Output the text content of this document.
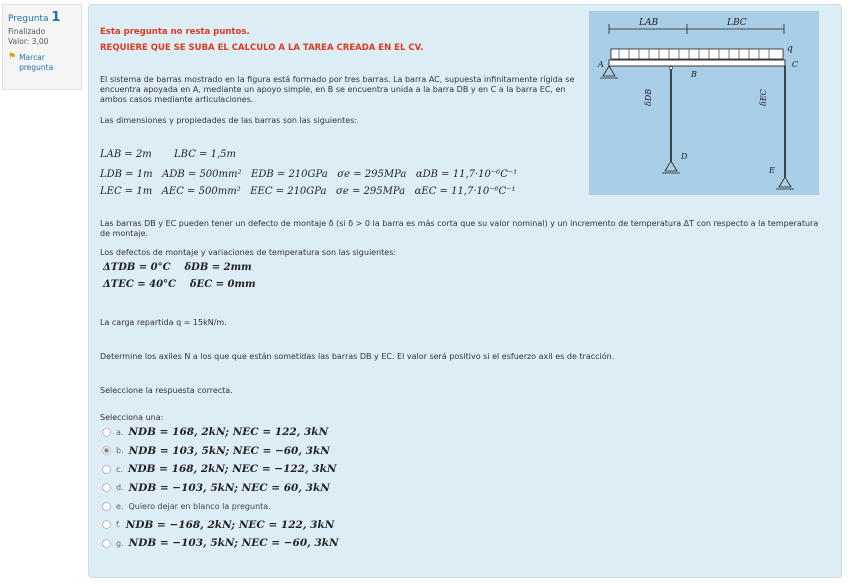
Pregunta 1
Finalizado
Valor: 3,00
⚑ Marcar pregunta
Esta pregunta no resta puntos.
REQUIERE QUE SE SUBA EL CALCULO A LA TAREA CREADA EN EL CV.
El sistema de barras mostrado en la figura está formado por tres barras. La barra AC, supuesta infinitamente rígida se encuentra apoyada en A, mediante un apoyo simple, en B se encuentra unida a la barra DB y en C a la barra EC, en ambos casos mediante articulaciones.
Las dimensiones y propiedades de las barras son las siguientes:
LAB = 2m       LBC = 1,5m
LDB = 1m   ADB = 500mm²   EDB = 210GPa   σe = 295MPa   αDB = 11,7·10⁻⁶C⁻¹
LEC = 1m   AEC = 500mm²   EEC = 210GPa   σe = 295MPa   αEC = 11,7·10⁻⁶C⁻¹
Las barras DB y EC pueden tener un defecto de montaje δ (si δ > 0 la barra es más corta que su valor nominal) y un incremento de temperatura ΔT con respecto a la temperatura de montaje.
Los defectos de montaje y variaciones de temperatura son las siguientes:
ΔTDB = 0°C    δDB = 2mm
ΔTEC = 40°C    δEC = 0mm
La carga repartida q = 15kN/m.
Determine los axiles N a los que que están sometidas las barras DB y EC. El valor será positivo si el esfuerzo axil es de tracción.
Seleccione la respuesta correcta.
Selecciona una:
LAB	LBC
q
A
B
C
δDB
D
δEC
E
a. NDB = 168, 2kN; NEC = 122, 3kN
b. NDB = 103, 5kN; NEC = −60, 3kN
c. NDB = 168, 2kN; NEC = −122, 3kN
d. NDB = −103, 5kN; NEC = 60, 3kN
e. Quiero dejar en blanco la pregunta.
f. NDB = −168, 2kN; NEC = 122, 3kN
g. NDB = −103, 5kN; NEC = −60, 3kN
